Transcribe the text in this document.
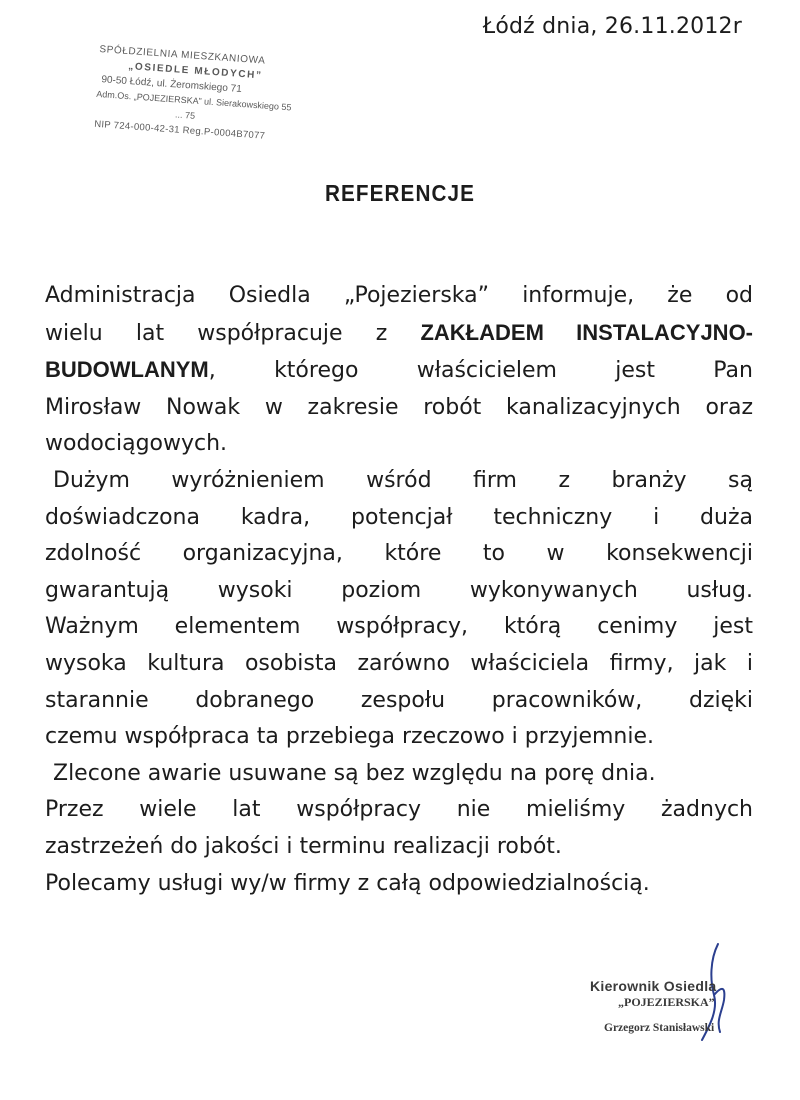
Łódź dnia, 26.11.2012r
SPÓŁDZIELNIA MIESZKANIOWA
„OSIEDLE MŁODYCH”
90-50 Łódź, ul. Żeromskiego 71
Adm.Os. „POJEZIERSKA” ul. Sierakowskiego 55
... 75
NIP 724-000-42-31 Reg.P-0004B7077
REFERENCJE

Administracja Osiedla „Pojezierska” informuje, że od

wielu lat współpracuje z ZAKŁADEM INSTALACYJNO-

BUDOWLANYM, którego właścicielem jest Pan

Mirosław Nowak w zakresie robót kanalizacyjnych oraz

wodociągowych.

Dużym wyróżnieniem wśród firm z branży są

doświadczona kadra, potencjał techniczny i duża

zdolność organizacyjna, które to w konsekwencji

gwarantują wysoki poziom wykonywanych usług.

Ważnym elementem współpracy, którą cenimy jest

wysoka kultura osobista zarówno właściciela firmy, jak i

starannie dobranego zespołu pracowników, dzięki

czemu współpraca ta przebiega rzeczowo i przyjemnie.

Zlecone awarie usuwane są bez względu na porę dnia.

Przez wiele lat współpracy nie mieliśmy żadnych

zastrzeżeń do jakości i terminu realizacji robót.

Polecamy usługi wy/w firmy z całą odpowiedzialnością.

Kierownik Osiedla
„POJEZIERSKA”
Grzegorz Stanisławski
